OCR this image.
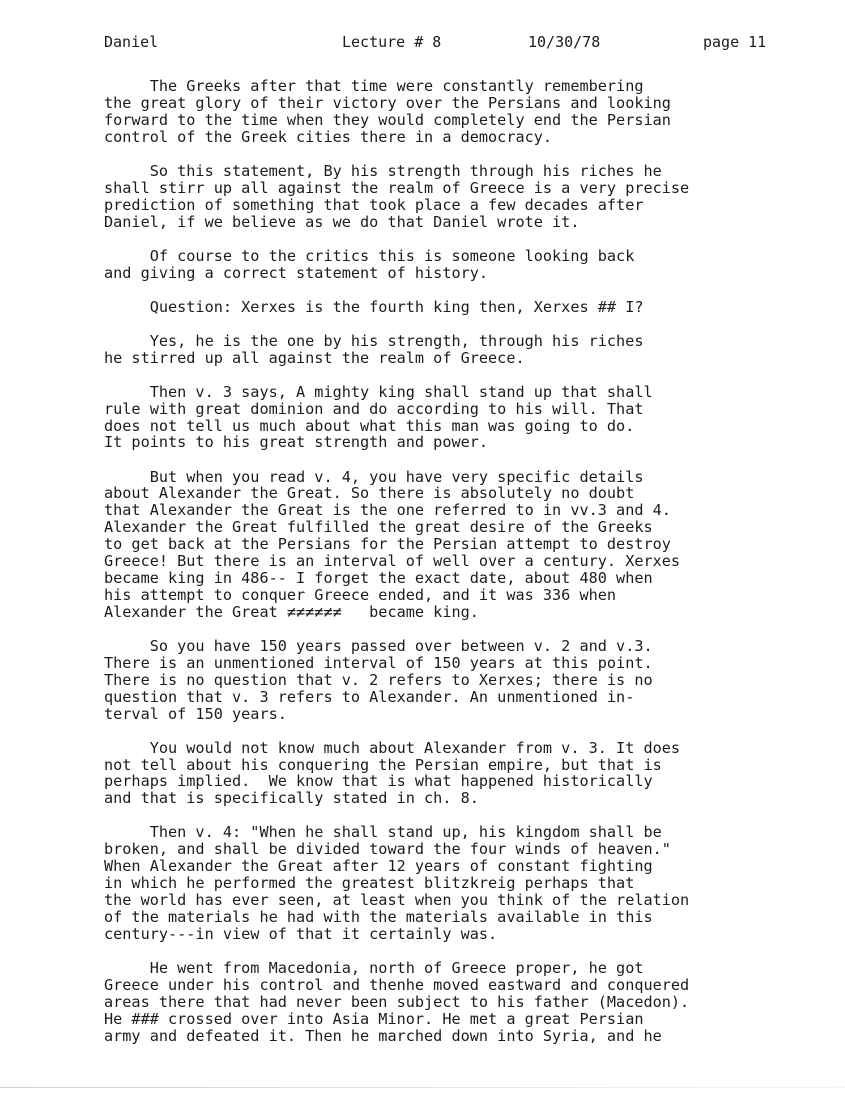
Daniel	Lecture # 8	10/30/78	page 11
The Greeks after that time were constantly remembering
the great glory of their victory over the Persians and looking
forward to the time when they would completely end the Persian
control of the Greek cities there in a democracy.
So this statement, By his strength through his riches he
shall stirr up all against the realm of Greece is a very precise
prediction of something that took place a few decades after
Daniel, if we believe as we do that Daniel wrote it.
Of course to the critics this is someone looking back
and giving a correct statement of history.
Question: Xerxes is the fourth king then, Xerxes ## I?
Yes, he is the one by his strength, through his riches
he stirred up all against the realm of Greece.
Then v. 3 says, A mighty king shall stand up that shall
rule with great dominion and do according to his will. That
does not tell us much about what this man was going to do.
It points to his great strength and power.
But when you read v. 4, you have very specific details
about Alexander the Great. So there is absolutely no doubt
that Alexander the Great is the one referred to in vv.3 and 4.
Alexander the Great fulfilled the great desire of the Greeks
to get back at the Persians for the Persian attempt to destroy
Greece! But there is an interval of well over a century. Xerxes
became king in 486-- I forget the exact date, about 480 when
his attempt to conquer Greece ended, and it was 336 when
Alexander the Great ≠≠≠≠≠≠   became king.
So you have 150 years passed over between v. 2 and v.3.
There is an unmentioned interval of 150 years at this point.
There is no question that v. 2 refers to Xerxes; there is no
question that v. 3 refers to Alexander. An unmentioned in-
terval of 150 years.
You would not know much about Alexander from v. 3. It does
not tell about his conquering the Persian empire, but that is
perhaps implied.  We know that is what happened historically
and that is specifically stated in ch. 8.
Then v. 4: "When he shall stand up, his kingdom shall be
broken, and shall be divided toward the four winds of heaven."
When Alexander the Great after 12 years of constant fighting
in which he performed the greatest blitzkreig perhaps that
the world has ever seen, at least when you think of the relation
of the materials he had with the materials available in this
century---in view of that it certainly was.
He went from Macedonia, north of Greece proper, he got
Greece under his control and thenhe moved eastward and conquered
areas there that had never been subject to his father (Macedon).
He ### crossed over into Asia Minor. He met a great Persian
army and defeated it. Then he marched down into Syria, and he
